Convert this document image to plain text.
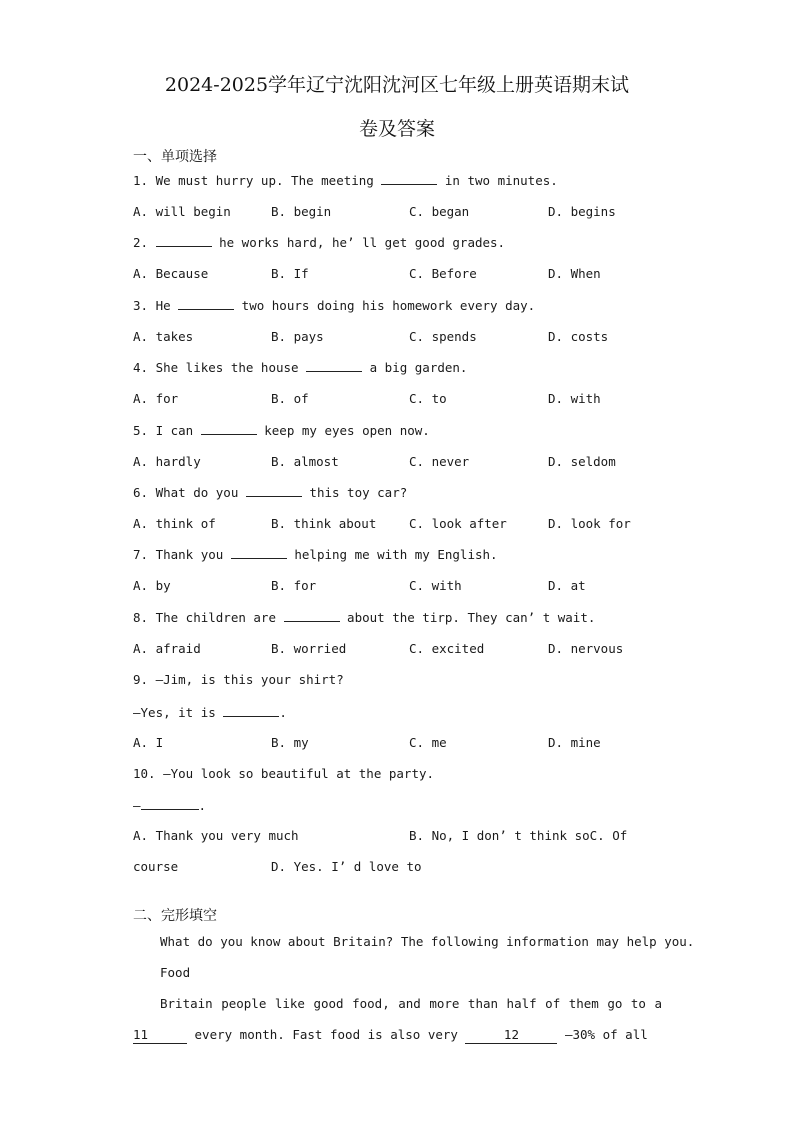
2024-2025学年辽宁沈阳沈河区七年级上册英语期末试
卷及答案
一、单项选择
1. We must hurry up. The meeting	in two minutes.
A. will begin	B. begin	C. began	D. begins
2.	he works hard, he’ ll get good grades.
A. Because	B. If	C. Before	D. When
3. He	two hours doing his homework every day.
A. takes	B. pays	C. spends	D. costs
4. She likes the house	a big garden.
A. for	B. of	C. to	D. with
5. I can	keep my eyes open now.
A. hardly	B. almost	C. never	D. seldom
6. What do you	this toy car?
A. think of	B. think about	C. look after	D. look for
7. Thank you	helping me with my English.
A. by	B. for	C. with	D. at
8. The children are	about the tirp. They can’ t wait.
A. afraid	B. worried	C. excited	D. nervous
9. —Jim, is this your shirt?
—Yes, it is	.
A. I	B. my	C. me	D. mine
10. —You look so beautiful at the party.
—	.
A. Thank you very much	B. No, I don’ t think soC. Of
course	D. Yes. I’ d love to
二、完形填空
What do you know about Britain? The following information may help you.
Food
Britain people like good food, and more than half of them go to a
11	every month. Fast food is also very	12	—30% of all
